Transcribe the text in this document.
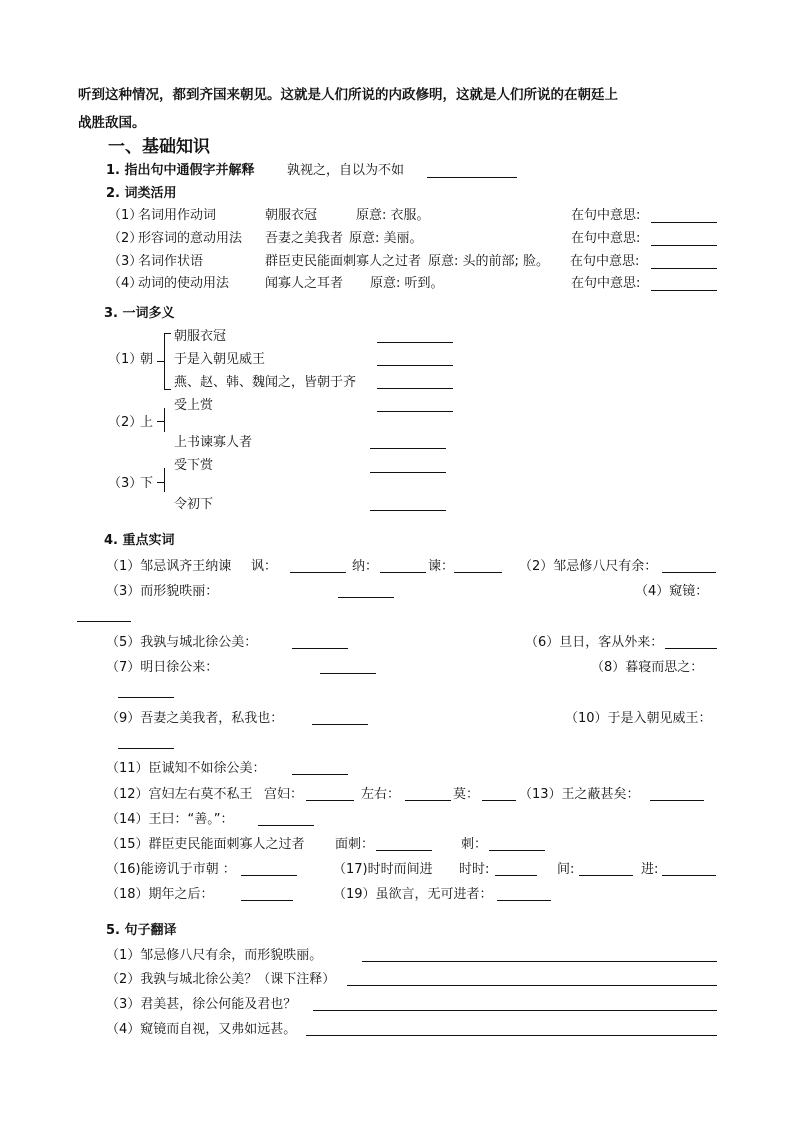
听到这种情况，都到齐国来朝见。这就是人们所说的内政修明，这就是人们所说的在朝廷上
战胜敌国。
一、基础知识
1. 指出句中通假字并解释 孰视之，自以为不如
2. 词类活用
（1）
名词用作动词	朝服衣冠	原意: 衣服。	在句中意思:
（2）
形容词的意动用法 吾妻之美我者 原意: 美丽。	在句中意思:
（3）
名词作状语	群臣吏民能面刺寡人之过者 原意: 头的前部; 脸。 在句中意思:
（4）
动词的使动用法	闻寡人之耳者 原意: 听到。	在句中意思:
3. 一词多义
（1）
朝
朝服衣冠
于是入朝见威王
燕、赵、韩、魏闻之，皆朝于齐
（2）
上
受上赏
上书谏寡人者
（3）
下
受下赏
令初下
4. 重点实词
（1）邹忌讽齐王纳谏 讽：	纳：	谏：	（2）邹忌修八尺有余：
（3）而形貌昳丽：	（4）窥镜：
（5）我孰与城北徐公美：	（6）旦日，客从外来：
（7）明日徐公来：	（8）暮寝而思之：
（9）吾妻之美我者，私我也：	（10）于是入朝见威王：
（11）臣诚知不如徐公美：
（12）宫妇左右莫不私王 宫妇：	左右：	莫：	（13）王之蔽甚矣：
（14）王曰：“善。”：
（15）群臣吏民能面刺寡人之过者 面刺：	刺：
（16)能谤讥于市朝 ：	（17)时时而间进 时时:	间:	进:
（18）期年之后：	（19）虽欲言，无可进者：
5. 句子翻译
（1）邹忌修八尺有余，而形貌昳丽。
（2）我孰与城北徐公美？（课下注释）
（3）君美甚，徐公何能及君也？
（4）窥镜而自视，又弗如远甚。
